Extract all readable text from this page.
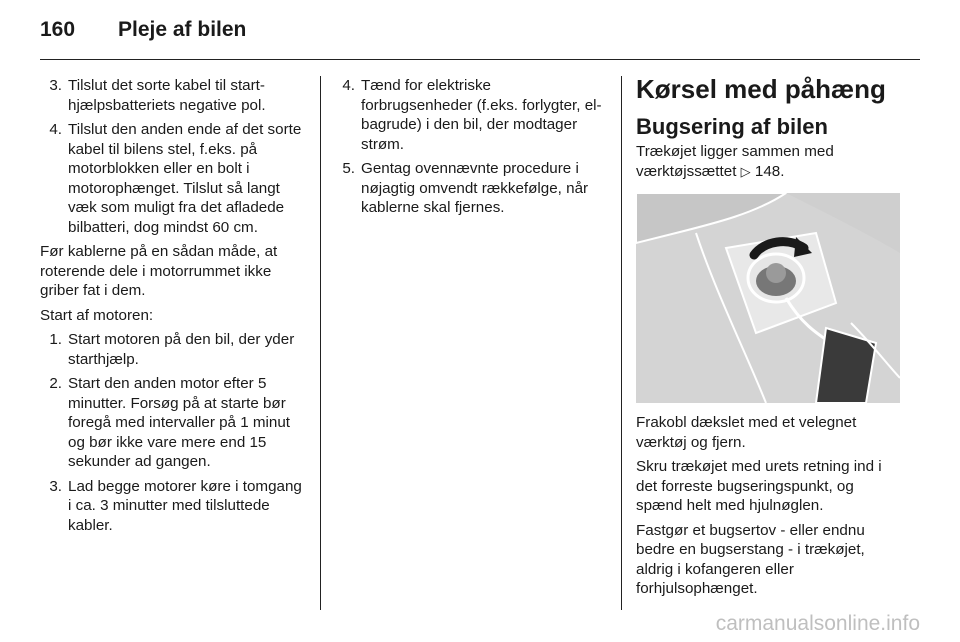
160	Pleje af bilen
3. Tilslut det sorte kabel til start-hjælpsbatteriets negative pol.
4. Tilslut den anden ende af det sorte kabel til bilens stel, f.eks. på motorblokken eller en bolt i motorophænget. Tilslut så langt væk som muligt fra det afladede bilbatteri, dog mindst 60 cm.

Før kablerne på en sådan måde, at roterende dele i motorrummet ikke griber fat i dem.

Start af motoren:

1. Start motoren på den bil, der yder starthjælp.
2. Start den anden motor efter 5 minutter. Forsøg på at starte bør foregå med intervaller på 1 minut og bør ikke vare mere end 15 sekunder ad gangen.
3. Lad begge motorer køre i tomgang i ca. 3 minutter med tilsluttede kabler.
4. Tænd for elektriske forbrugsenheder (f.eks. forlygter, el-bagrude) i den bil, der modtager strøm.
5. Gentag ovennævnte procedure i nøjagtig omvendt rækkefølge, når kablerne skal fjernes.
Kørsel med påhæng
Bugsering af bilen

Trækøjet ligger sammen med værktøjssættet ▷ 148.

Frakobl dækslet med et velegnet værktøj og fjern.

Skru trækøjet med urets retning ind i det forreste bugseringspunkt, og spænd helt med hjulnøglen.

Fastgør et bugsertov - eller endnu bedre en bugserstang - i trækøjet, aldrig i kofangeren eller forhjulsophænget.

carmanualsonline.info
